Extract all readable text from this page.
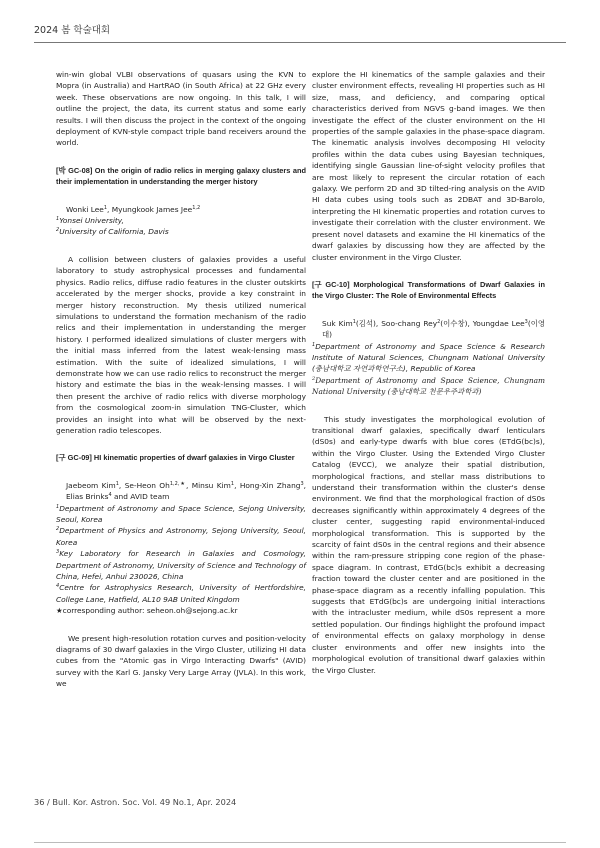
2024 봄 학술대회

win-win global VLBI observations of quasars using the KVN to Mopra (in Australia) and HartRAO (in South Africa) at 22 GHz every week. These observations are now ongoing. In this talk, I will outline the project, the data, its current status and some early results. I will then discuss the project in the context of the ongoing deployment of KVN-style compact triple band receivers around the world.

[박 GC-08] On the origin of radio relics in merging galaxy clusters and their implementation in understanding the merger history

Wonki Lee$^1$, Myungkook James Jee$^{1,2}$

$^1$Yonsei University,

$^2$University of California, Davis

A collision between clusters of galaxies provides a useful laboratory to study astrophysical processes and fundamental physics. Radio relics, diffuse radio features in the cluster outskirts accelerated by the merger shocks, provide a key constraint in merger history reconstruction. My thesis utilized numerical simulations to understand the formation mechanism of the radio relics and their implementation in understanding the merger history. I performed idealized simulations of cluster mergers with the initial mass inferred from the latest weak-lensing mass estimation. With the suite of idealized simulations, I will demonstrate how we can use radio relics to reconstruct the merger history and estimate the bias in the weak-lensing masses. I will then present the archive of radio relics with diverse morphology from the cosmological zoom-in simulation TNG-Cluster, which provides an insight into what will be observed by the next-generation radio telescopes.

[구 GC-09] HI kinematic properties of dwarf galaxies in Virgo Cluster

Jaebeom Kim$^1$, Se-Heon $Oh^{1,2,★}$, Minsu Kim$^1$, Hong-Xin Zhang$^3$, Elias Brinks$^4$ and AVID team

$^1$Department of Astronomy and Space Science, Sejong University, Seoul, Korea

$^2$Department of Physics and Astronomy, Sejong University, Seoul, Korea

$^3$Key Laboratory for Research in Galaxies and Cosmology, Department of Astronomy, University of Science and Technology of China, Hefei, Anhui 230026, China

$^4$Centre for Astrophysics Research, University of Hertfordshire, College Lane, Hatfield, AL10 9AB United Kingdom

★corresponding author: seheon.oh@sejong.ac.kr

We present high-resolution rotation curves and position-velocity diagrams of 30 dwarf galaxies in the Virgo Cluster, utilizing HI data cubes from the "Atomic gas in Virgo Interacting Dwarfs" (AVID) survey with the Karl G. Jansky Very Large Array (JVLA). In this work, we

explore the HI kinematics of the sample galaxies and their cluster environment effects, revealing HI properties such as HI size, mass, and deficiency, and comparing optical characteristics derived from NGVS g-band images. We then investigate the effect of the cluster environment on the HI properties of the sample galaxies in the phase-space diagram. The kinematic analysis involves decomposing HI velocity profiles within the data cubes using Bayesian techniques, identifying single Gaussian line-of-sight velocity profiles that are most likely to represent the circular rotation of each galaxy. We perform 2D and 3D tilted-ring analysis on the AVID HI data cubes using tools such as 2DBAT and 3D-Barolo, interpreting the HI kinematic properties and rotation curves to investigate their correlation with the cluster environment. We present novel datasets and examine the HI kinematics of the dwarf galaxies by discussing how they are affected by the cluster environment in the Virgo Cluster.

[구 GC-10] Morphological Transformations of Dwarf Galaxies in the Virgo Cluster: The Role of Environmental Effects

Suk Kim$^1$(김석), Soo-chang Rey$^2$(이수창), Youngdae Lee$^3$(이영대)

$^1$Department of Astronomy and Space Science & Research Institute of Natural Sciences, Chungnam National University (충남대학교 자연과학연구소), Republic of Korea

$^2$Department of Astronomy and Space Science, Chungnam National University (충남대학교 천문우주과학과)

This study investigates the morphological evolution of transitional dwarf galaxies, specifically dwarf lenticulars (dS0s) and early-type dwarfs with blue cores (ETdG(bc)s), within the Virgo Cluster. Using the Extended Virgo Cluster Catalog (EVCC), we analyze their spatial distribution, morphological fractions, and stellar mass distributions to understand their transformation within the cluster's dense environment. We find that the morphological fraction of dS0s decreases significantly within approximately 4 degrees of the cluster center, suggesting rapid environmental-induced morphological transformation. This is supported by the scarcity of faint dS0s in the central regions and their absence within the ram-pressure stripping cone region of the phase-space diagram. In contrast, ETdG(bc)s exhibit a decreasing fraction toward the cluster center and are positioned in the phase-space diagram as a recently infalling population. This suggests that ETdG(bc)s are undergoing initial interactions with the intracluster medium, while dS0s represent a more settled population. Our findings highlight the profound impact of environmental effects on galaxy morphology in dense cluster environments and offer new insights into the morphological evolution of transitional dwarf galaxies within the Virgo Cluster.

36 / Bull. Kor. Astron. Soc. Vol. 49 No.1, Apr. 2024
